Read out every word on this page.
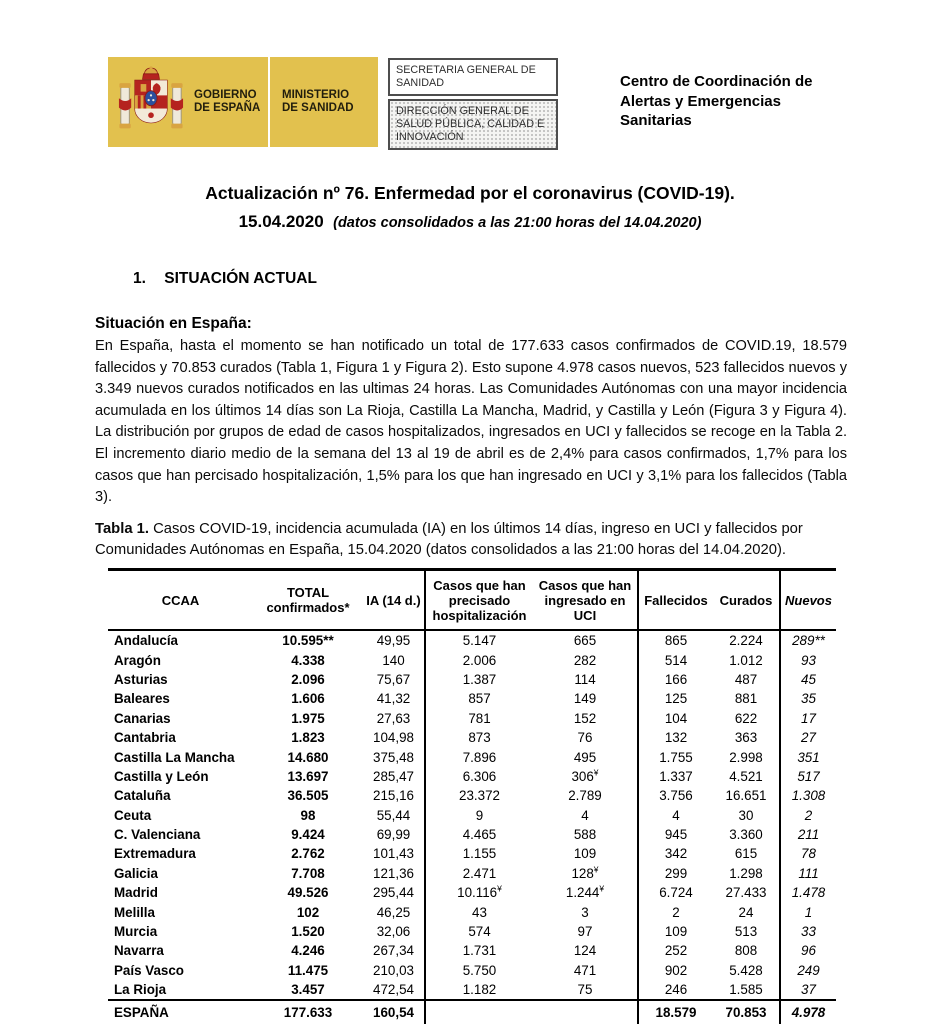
GOBIERNO
DE ESPAÑA
MINISTERIO
DE SANIDAD
SECRETARIA GENERAL DE SANIDAD
DIRECCIÓN GENERAL DE SALUD PÚBLICA, CALIDAD E INNOVACIÓN
Centro de Coordinación de Alertas y Emergencias Sanitarias
Actualización nº 76. Enfermedad por el coronavirus (COVID-19).
15.04.2020 (datos consolidados a las 21:00 horas del 14.04.2020)
1. SITUACIÓN ACTUAL
Situación en España:
En España, hasta el momento se han notificado un total de 177.633 casos confirmados de COVID.19, 18.579 fallecidos y 70.853 curados (Tabla 1, Figura 1 y Figura 2). Esto supone 4.978 casos nuevos, 523 fallecidos nuevos y 3.349 nuevos curados notificados en las ultimas 24 horas. Las Comunidades Autónomas con una mayor incidencia acumulada en los últimos 14 días son La Rioja, Castilla La Mancha, Madrid, y Castilla y León (Figura 3 y Figura 4). La distribución por grupos de edad de casos hospitalizados, ingresados en UCI y fallecidos se recoge en la Tabla 2. El incremento diario medio de la semana del 13 al 19 de abril es de 2,4% para casos confirmados, 1,7% para los casos que han percisado hospitalización, 1,5% para los que han ingresado en UCI y 3,1% para los fallecidos (Tabla 3).
Tabla 1. Casos COVID-19, incidencia acumulada (IA) en los últimos 14 días, ingreso en UCI y fallecidos por Comunidades Autónomas en España, 15.04.2020 (datos consolidados a las 21:00 horas del 14.04.2020).
CCAA	TOTAL confirmados*	IA (14 d.)	Casos que han precisado hospitalización	Casos que han ingresado en UCI	Fallecidos	Curados	Nuevos
Andalucía	10.595**	49,95	5.147	665	865	2.224	289**
Aragón	4.338	140	2.006	282	514	1.012	93
Asturias	2.096	75,67	1.387	114	166	487	45
Baleares	1.606	41,32	857	149	125	881	35
Canarias	1.975	27,63	781	152	104	622	17
Cantabria	1.823	104,98	873	76	132	363	27
Castilla La Mancha	14.680	375,48	7.896	495	1.755	2.998	351
Castilla y León	13.697	285,47	6.306	306¥	1.337	4.521	517
Cataluña	36.505	215,16	23.372	2.789	3.756	16.651	1.308
Ceuta	98	55,44	9	4	4	30	2
C. Valenciana	9.424	69,99	4.465	588	945	3.360	211
Extremadura	2.762	101,43	1.155	109	342	615	78
Galicia	7.708	121,36	2.471	128¥	299	1.298	111
Madrid	49.526	295,44	10.116¥	1.244¥	6.724	27.433	1.478
Melilla	102	46,25	43	3	2	24	1
Murcia	1.520	32,06	574	97	109	513	33
Navarra	4.246	267,34	1.731	124	252	808	96
País Vasco	11.475	210,03	5.750	471	902	5.428	249
La Rioja	3.457	472,54	1.182	75	246	1.585	37
ESPAÑA	177.633	160,54			18.579	70.853	4.978
